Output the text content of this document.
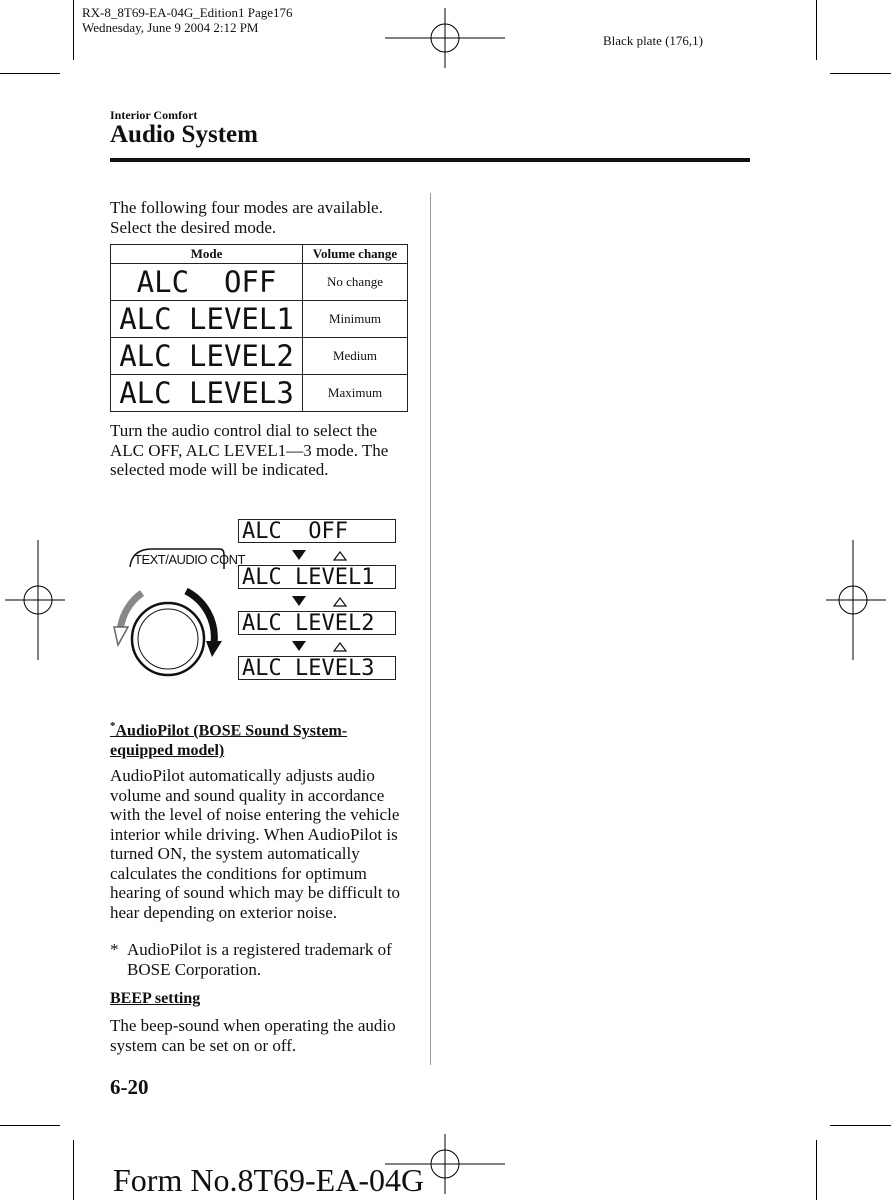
RX-8_8T69-EA-04G_Edition1 Page176
Wednesday, June 9 2004 2:12 PM
Black plate (176,1)
Interior Comfort
Audio System
The following four modes are available. Select the desired mode.
Mode	Volume change
ALC  OFF	No change
ALC LEVEL1	Minimum
ALC LEVEL2	Medium
ALC LEVEL3	Maximum
Turn the audio control dial to select the ALC OFF, ALC LEVEL1—3 mode. The selected mode will be indicated.
TEXT/AUDIO CONT
ALC  OFF
ALC LEVEL1
ALC LEVEL2
ALC LEVEL3
*AudioPilot (BOSE Sound System-
equipped model)
AudioPilot automatically adjusts audio volume and sound quality in accordance with the level of noise entering the vehicle interior while driving. When AudioPilot is turned ON, the system automatically calculates the conditions for optimum hearing of sound which may be difficult to hear depending on exterior noise.
* AudioPilot is a registered trademark of BOSE Corporation.
BEEP setting
The beep-sound when operating the audio system can be set on or off.
6-20
Form No.8T69-EA-04G
